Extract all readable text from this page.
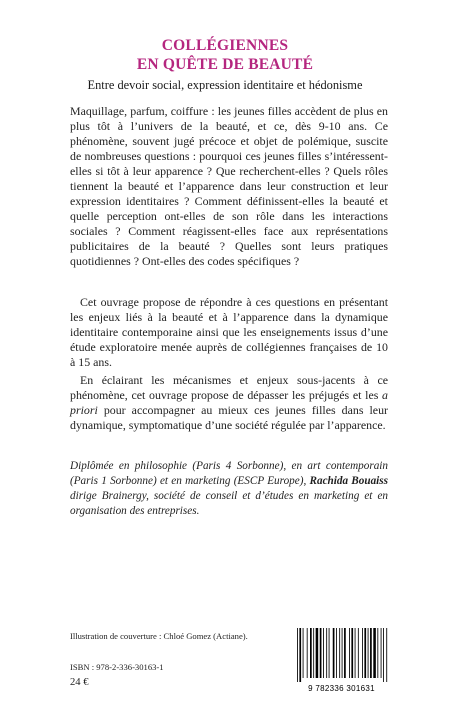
COLLÉGIENNES
EN QUÊTE DE BEAUTÉ
Entre devoir social, expression identitaire et hédonisme
Maquillage, parfum, coiffure : les jeunes filles accèdent de plus en plus tôt à l’univers de la beauté, et ce, dès 9-10 ans. Ce phénomène, souvent jugé précoce et objet de polémique, suscite de nombreuses questions : pourquoi ces jeunes filles s’intéressent-elles si tôt à leur apparence ? Que recherchent-elles ? Quels rôles tiennent la beauté et l’apparence dans leur construction et leur expression identitaires ? Comment définissent-elles la beauté et quelle perception ont-elles de son rôle dans les interactions sociales ? Comment réagissent-elles face aux représentations publicitaires de la beauté ? Quelles sont leurs pratiques quotidiennes ? Ont-elles des codes spécifiques ?
Cet ouvrage propose de répondre à ces questions en présentant les enjeux liés à la beauté et à l’apparence dans la dynamique identitaire contemporaine ainsi que les enseignements issus d’une étude exploratoire menée auprès de collégiennes françaises de 10 à 15 ans.
En éclairant les mécanismes et enjeux sous-jacents à ce phénomène, cet ouvrage propose de dépasser les préjugés et les a priori pour accompagner au mieux ces jeunes filles dans leur dynamique, symptomatique d’une société régulée par l’apparence.
Diplômée en philosophie (Paris 4 Sorbonne), en art contemporain (Paris 1 Sorbonne) et en marketing (ESCP Europe), Rachida Bouaiss dirige Brainergy, société de conseil et d’études en marketing et en organisation des entreprises.
Illustration de couverture : Chloé Gomez (Actiane).
ISBN : 978-2-336-30163-1
24 €
9 782336 301631
